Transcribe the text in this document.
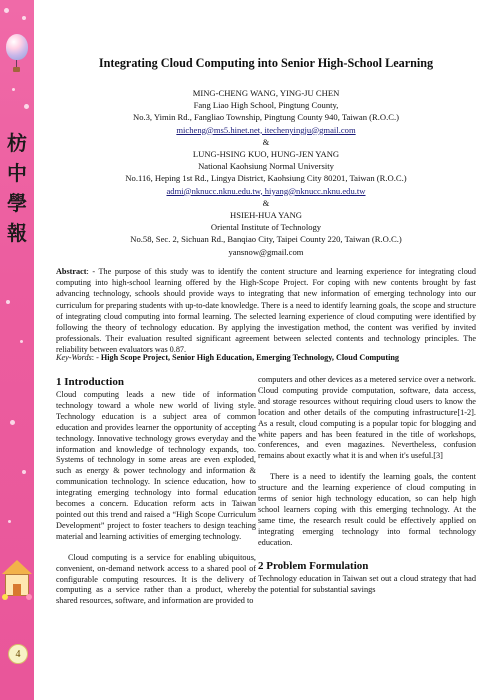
枋
中
學
報
4
Integrating Cloud Computing into Senior High-School Learning
MING-CHENG WANG, YING-JU CHEN
Fang Liao High School, Pingtung County,
No.3, Yimin Rd., Fangliao Township, Pingtung County 940, Taiwan (R.O.C.)
micheng@ms5.hinet.net, itechenyingju@gmail.com
&
LUNG-HSING KUO, HUNG-JEN YANG
National Kaohsiung Normal University
No.116, Heping 1st Rd., Lingya District, Kaohsiung City 80201, Taiwan (R.O.C.)
admi@nknucc.nknu.edu.tw, hiyang@nknucc.nknu.edu.tw
&
HSIEH-HUA YANG
Oriental Institute of Technology
No.58, Sec. 2, Sichuan Rd., Banqiao City, Taipei County 220, Taiwan (R.O.C.)
yansnow@gmail.com

Abstract: - The purpose of this study was to identify the content structure and learning experience for integrating cloud computing into high-school learning offered by the High-Scope Project. For coping with new contents brought by fast advancing technology, schools should provide ways to integrating that new information of emerging technology into our curriculum for preparing students with up-to-date knowledge. There is a need to identify learning goals, the scope and structure of integrating cloud computing into formal learning. The selected learning experience of cloud computing were identified by following the theory of technology education. By applying the investigation method, the content was verified by invited professionals. Their evaluation resulted significant agreement between selected contents and technology principles. The reliability between evaluators was 0.87.

Key-Words: - High Scope Project, Senior High Education, Emerging Technology, Cloud Computing

1 Introduction

Cloud computing leads a new tide of information technology toward a whole new world of living style. Technology education is a subject area of common education and provides learner the opportunity of accepting technology. Innovative technology grows everyday and the information and knowledge of technology expands, too. Systems of technology in some areas are even exploded, such as energy & power technology and information & communication technology. In science education, how to integrating emerging technology into formal education becomes a concern. Education reform acts in Taiwan pointed out this trend and raised a “High Scope Curriculum Development” project to foster teachers to design teaching material and learning activities of emerging technology.

Cloud computing is a service for enabling ubiquitous, convenient, on-demand network access to a shared pool of configurable computing resources. It is the delivery of computing as a service rather than a product, whereby shared resources, software, and information are provided to

computers and other devices as a metered service over a network. Cloud computing provide computation, software, data access, and storage resources without requiring cloud users to know the location and other details of the computing infrastructure[1-2]. As a result, cloud computing is a popular topic for blogging and white papers and has been featured in the title of workshops, conferences, and even magazines. Nevertheless, confusion remains about exactly what it is and when it's useful.[3]

There is a need to identify the learning goals, the content structure and the learning experience of cloud computing in terms of senior high technology education, so can help high school learners coping with this emerging technology. At the same time, the research result could be effectively applied on integrating emerging technology into formal technology education.

2 Problem Formulation

Technology education in Taiwan set out a cloud strategy that had the potential for substantial savings
